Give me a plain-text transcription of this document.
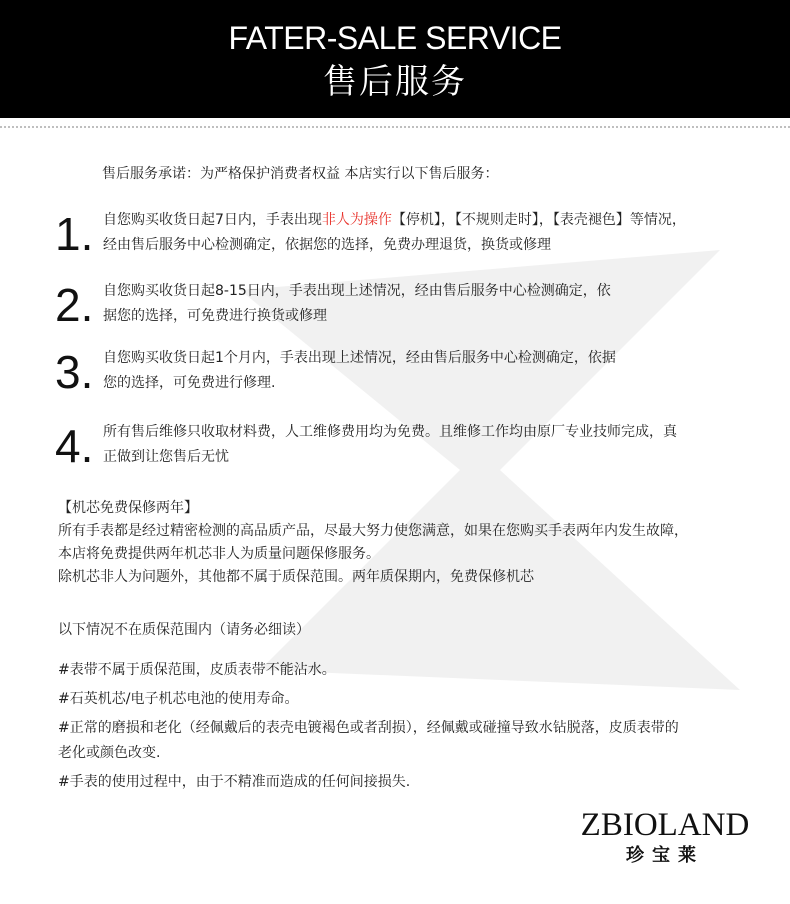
FATER-SALE SERVICE
售后服务
售后服务承诺：为严格保护消费者权益 本店实行以下售后服务：
1. 自您购买收货日起7日内，手表出现非人为操作【停机】，【不规则走时】，【表壳褪色】等情况，
经由售后服务中心检测确定，依据您的选择，免费办理退货，换货或修理
2. 自您购买收货日起8-15日内，手表出现上述情况，经由售后服务中心检测确定，依
据您的选择，可免费进行换货或修理
3. 自您购买收货日起1个月内，手表出现上述情况，经由售后服务中心检测确定，依据
您的选择，可免费进行修理.
4. 所有售后维修只收取材料费，人工维修费用均为免费。且维修工作均由原厂专业技师完成，真
正做到让您售后无忧
【机芯免费保修两年】
所有手表都是经过精密检测的高品质产品，尽最大努力使您满意，如果在您购买手表两年内发生故障，
本店将免费提供两年机芯非人为质量问题保修服务。
除机芯非人为问题外，其他都不属于质保范围。两年质保期内，免费保修机芯
以下情况不在质保范围内（请务必细读）
#表带不属于质保范围，皮质表带不能沾水。
#石英机芯/电子机芯电池的使用寿命。
#正常的磨损和老化（经佩戴后的表壳电镀褐色或者刮损），经佩戴或碰撞导致水钻脱落，皮质表带的
老化或颜色改变.
#手表的使用过程中，由于不精准而造成的任何间接损失.
ZBIOLAND
珍宝莱
